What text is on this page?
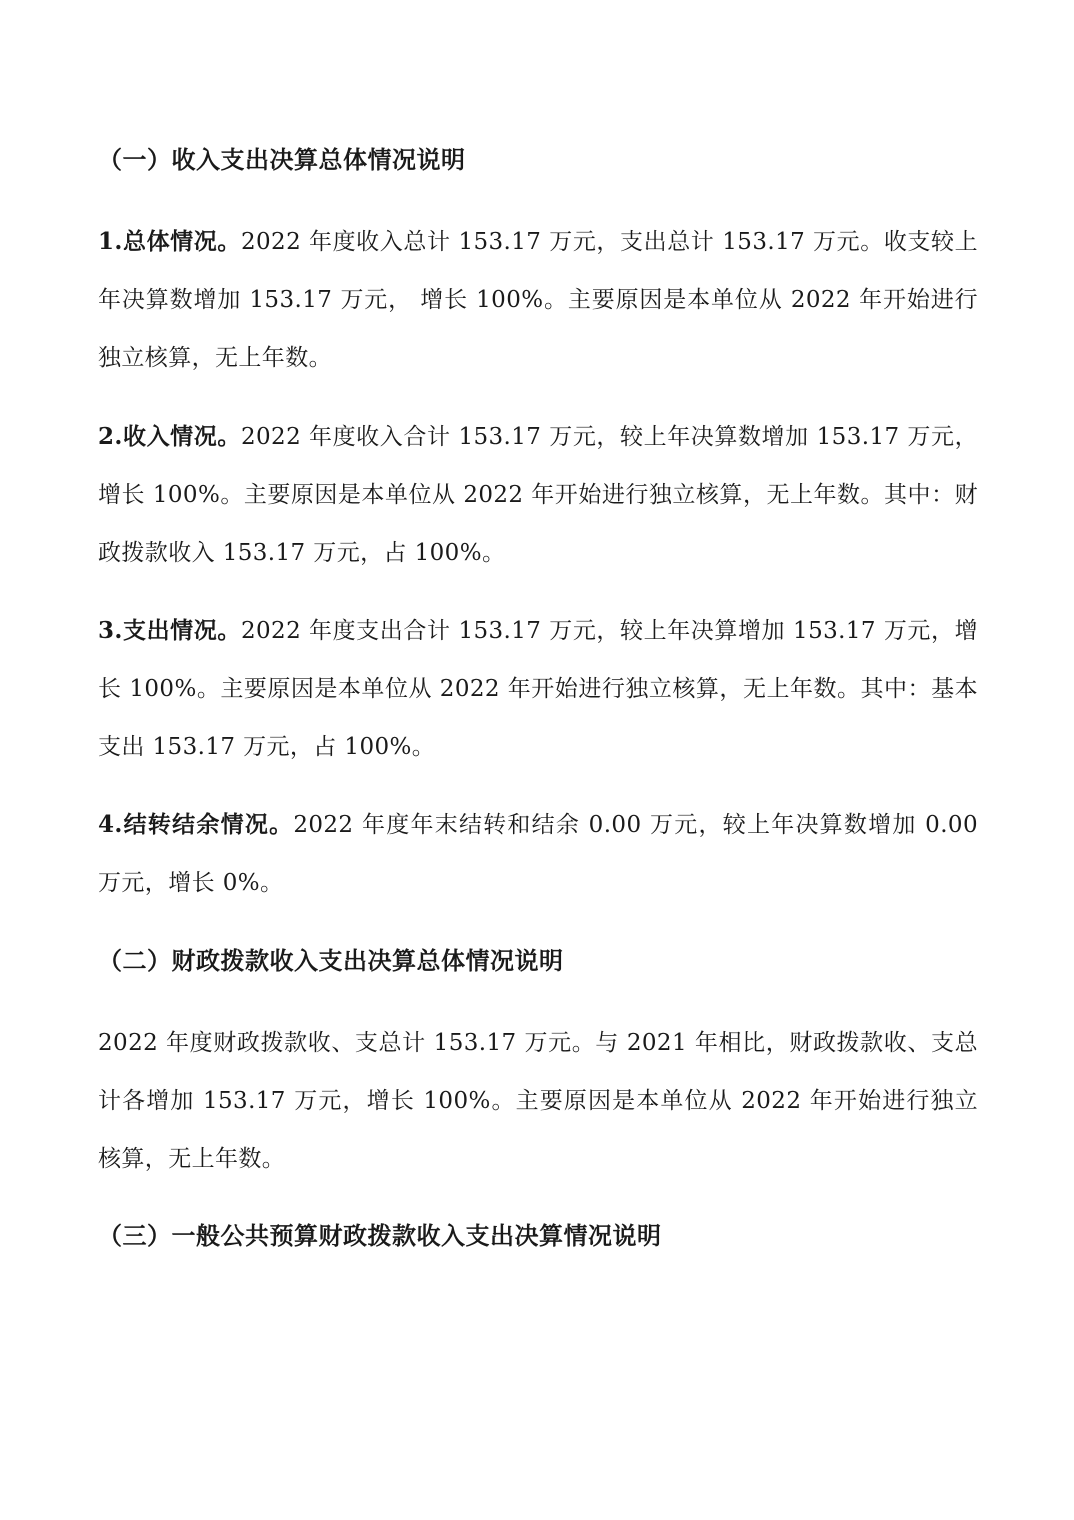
（一）收入支出决算总体情况说明
1.总体情况。2022 年度收入总计 153.17 万元，支出总计 153.17 万元。收支较上年决算数增加 153.17 万元， 增长 100%。主要原因是本单位从 2022 年开始进行独立核算，无上年数。
2.收入情况。2022 年度收入合计 153.17 万元，较上年决算数增加 153.17 万元，增长 100%。主要原因是本单位从 2022 年开始进行独立核算，无上年数。其中：财政拨款收入 153.17 万元，占 100%。
3.支出情况。2022 年度支出合计 153.17 万元，较上年决算增加 153.17 万元，增长 100%。主要原因是本单位从 2022 年开始进行独立核算，无上年数。其中：基本支出 153.17 万元，占 100%。
4.结转结余情况。2022 年度年末结转和结余 0.00 万元，较上年决算数增加 0.00 万元，增长 0%。
（二）财政拨款收入支出决算总体情况说明
2022 年度财政拨款收、支总计 153.17 万元。与 2021 年相比，财政拨款收、支总计各增加 153.17 万元，增长 100%。主要原因是本单位从 2022 年开始进行独立核算，无上年数。
（三）一般公共预算财政拨款收入支出决算情况说明
